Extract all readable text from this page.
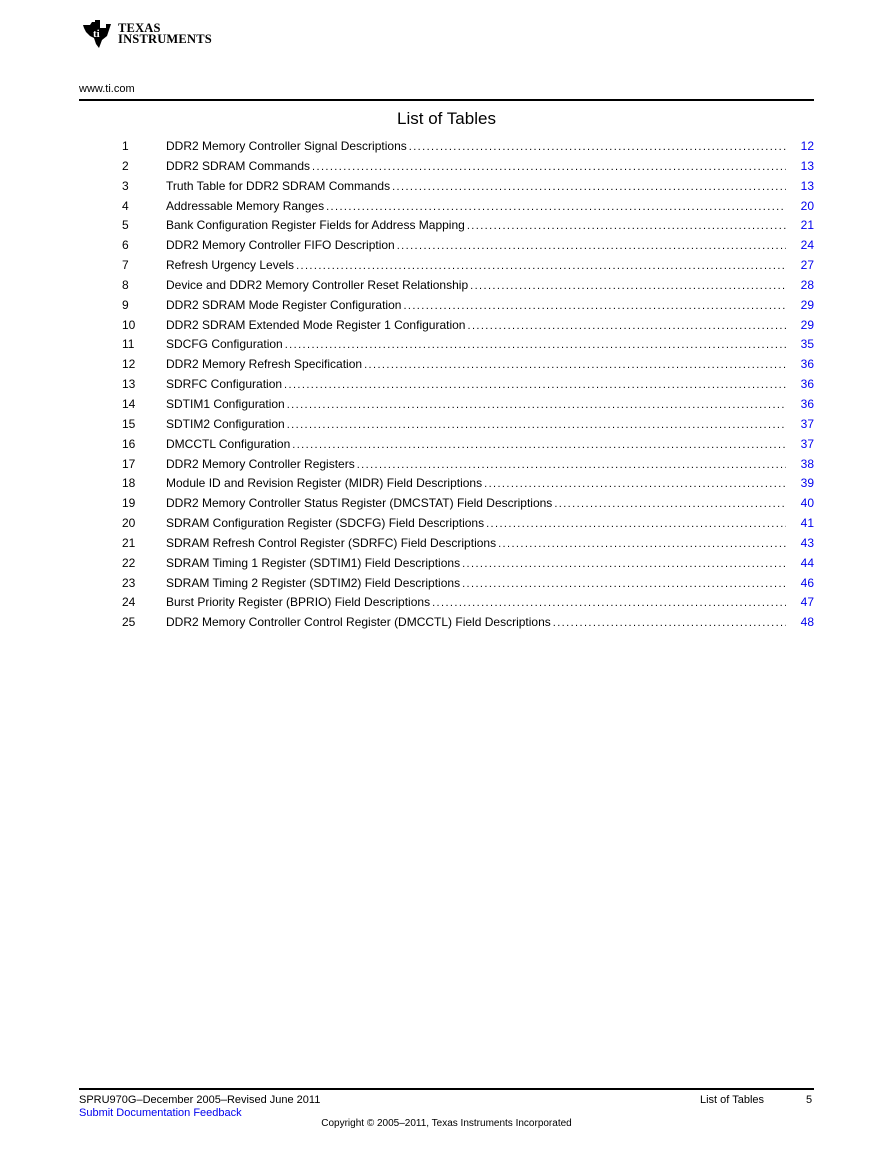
ti TEXAS
INSTRUMENTS
www.ti.com
List of Tables
1	DDR2 Memory Controller Signal Descriptions .....	12
2	DDR2 SDRAM Commands .....	13
3	Truth Table for DDR2 SDRAM Commands .....	13
4	Addressable Memory Ranges .....	20
5	Bank Configuration Register Fields for Address Mapping .....	21
6	DDR2 Memory Controller FIFO Description .....	24
7	Refresh Urgency Levels .....	27
8	Device and DDR2 Memory Controller Reset Relationship .....	28
9	DDR2 SDRAM Mode Register Configuration .....	29
10	DDR2 SDRAM Extended Mode Register 1 Configuration .....	29
11	SDCFG Configuration .....	35
12	DDR2 Memory Refresh Specification .....	36
13	SDRFC Configuration .....	36
14	SDTIM1 Configuration .....	36
15	SDTIM2 Configuration .....	37
16	DMCCTL Configuration .....	37
17	DDR2 Memory Controller Registers .....	38
18	Module ID and Revision Register (MIDR) Field Descriptions .....	39
19	DDR2 Memory Controller Status Register (DMCSTAT) Field Descriptions .....	40
20	SDRAM Configuration Register (SDCFG) Field Descriptions .....	41
21	SDRAM Refresh Control Register (SDRFC) Field Descriptions .....	43
22	SDRAM Timing 1 Register (SDTIM1) Field Descriptions .....	44
23	SDRAM Timing 2 Register (SDTIM2) Field Descriptions .....	46
24	Burst Priority Register (BPRIO) Field Descriptions .....	47
25	DDR2 Memory Controller Control Register (DMCCTL) Field Descriptions .....	48
SPRU970G–December 2005–Revised June 2011
Submit Documentation Feedback
List of Tables	5
Copyright © 2005–2011, Texas Instruments Incorporated
